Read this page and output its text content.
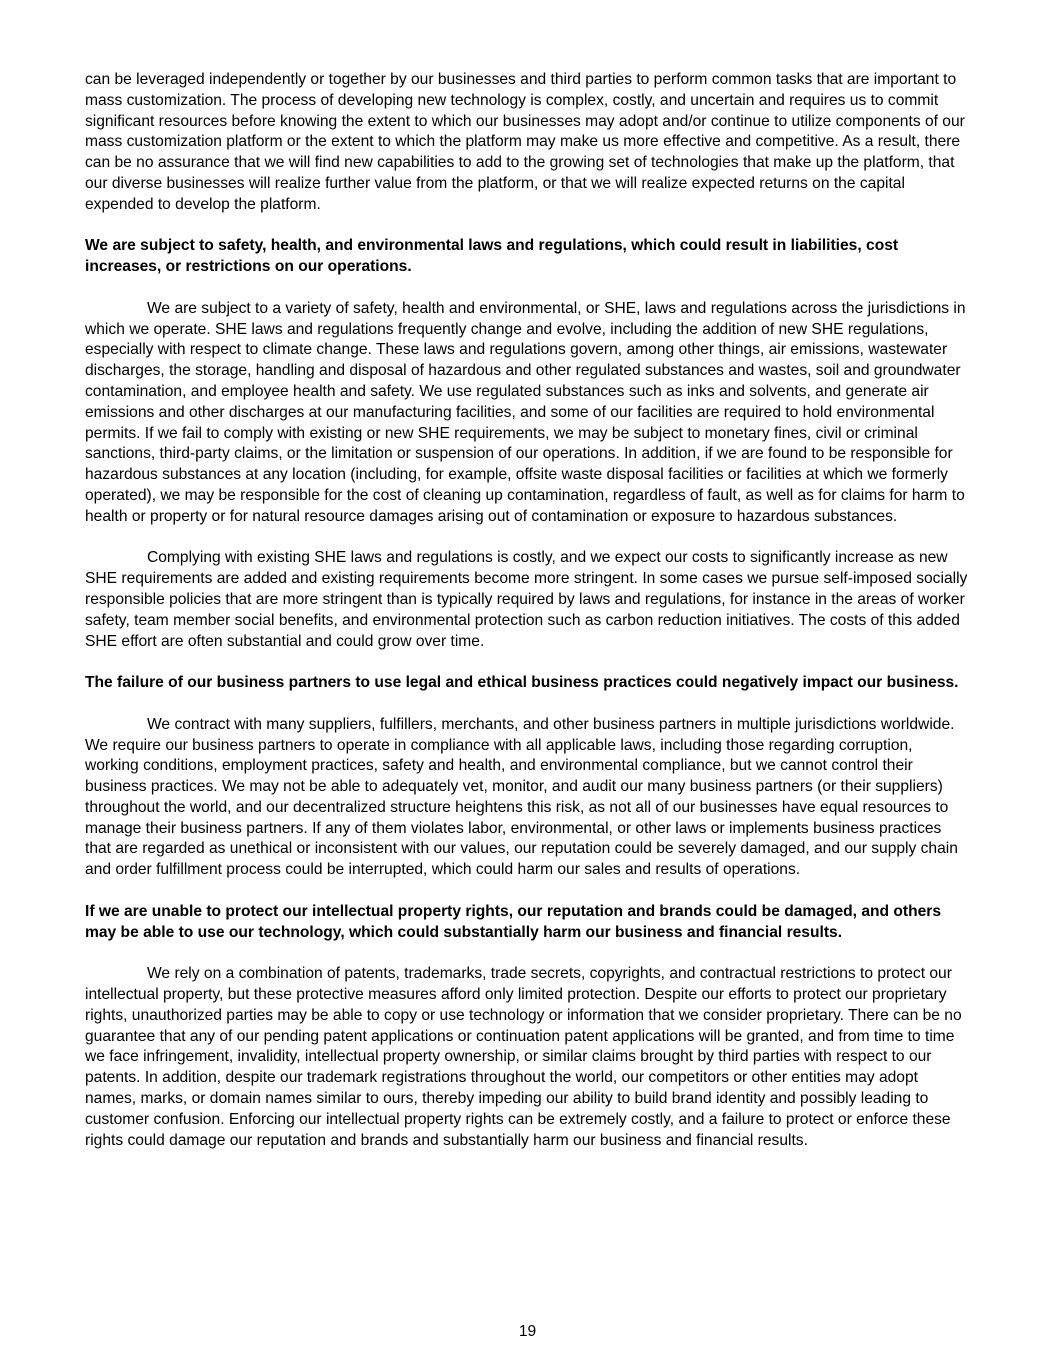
can be leveraged independently or together by our businesses and third parties to perform common tasks that are important to mass customization. The process of developing new technology is complex, costly, and uncertain and requires us to commit significant resources before knowing the extent to which our businesses may adopt and/or continue to utilize components of our mass customization platform or the extent to which the platform may make us more effective and competitive. As a result, there can be no assurance that we will find new capabilities to add to the growing set of technologies that make up the platform, that our diverse businesses will realize further value from the platform, or that we will realize expected returns on the capital expended to develop the platform.

We are subject to safety, health, and environmental laws and regulations, which could result in liabilities, cost increases, or restrictions on our operations.

We are subject to a variety of safety, health and environmental, or SHE, laws and regulations across the jurisdictions in which we operate. SHE laws and regulations frequently change and evolve, including the addition of new SHE regulations, especially with respect to climate change. These laws and regulations govern, among other things, air emissions, wastewater discharges, the storage, handling and disposal of hazardous and other regulated substances and wastes, soil and groundwater contamination, and employee health and safety. We use regulated substances such as inks and solvents, and generate air emissions and other discharges at our manufacturing facilities, and some of our facilities are required to hold environmental permits. If we fail to comply with existing or new SHE requirements, we may be subject to monetary fines, civil or criminal sanctions, third-party claims, or the limitation or suspension of our operations. In addition, if we are found to be responsible for hazardous substances at any location (including, for example, offsite waste disposal facilities or facilities at which we formerly operated), we may be responsible for the cost of cleaning up contamination, regardless of fault, as well as for claims for harm to health or property or for natural resource damages arising out of contamination or exposure to hazardous substances.

Complying with existing SHE laws and regulations is costly, and we expect our costs to significantly increase as new SHE requirements are added and existing requirements become more stringent. In some cases we pursue self-imposed socially responsible policies that are more stringent than is typically required by laws and regulations, for instance in the areas of worker safety, team member social benefits, and environmental protection such as carbon reduction initiatives. The costs of this added SHE effort are often substantial and could grow over time.

The failure of our business partners to use legal and ethical business practices could negatively impact our business.

We contract with many suppliers, fulfillers, merchants, and other business partners in multiple jurisdictions worldwide. We require our business partners to operate in compliance with all applicable laws, including those regarding corruption, working conditions, employment practices, safety and health, and environmental compliance, but we cannot control their business practices. We may not be able to adequately vet, monitor, and audit our many business partners (or their suppliers) throughout the world, and our decentralized structure heightens this risk, as not all of our businesses have equal resources to manage their business partners. If any of them violates labor, environmental, or other laws or implements business practices that are regarded as unethical or inconsistent with our values, our reputation could be severely damaged, and our supply chain and order fulfillment process could be interrupted, which could harm our sales and results of operations.

If we are unable to protect our intellectual property rights, our reputation and brands could be damaged, and others may be able to use our technology, which could substantially harm our business and financial results.

We rely on a combination of patents, trademarks, trade secrets, copyrights, and contractual restrictions to protect our intellectual property, but these protective measures afford only limited protection. Despite our efforts to protect our proprietary rights, unauthorized parties may be able to copy or use technology or information that we consider proprietary. There can be no guarantee that any of our pending patent applications or continuation patent applications will be granted, and from time to time we face infringement, invalidity, intellectual property ownership, or similar claims brought by third parties with respect to our patents. In addition, despite our trademark registrations throughout the world, our competitors or other entities may adopt names, marks, or domain names similar to ours, thereby impeding our ability to build brand identity and possibly leading to customer confusion. Enforcing our intellectual property rights can be extremely costly, and a failure to protect or enforce these rights could damage our reputation and brands and substantially harm our business and financial results.

19
